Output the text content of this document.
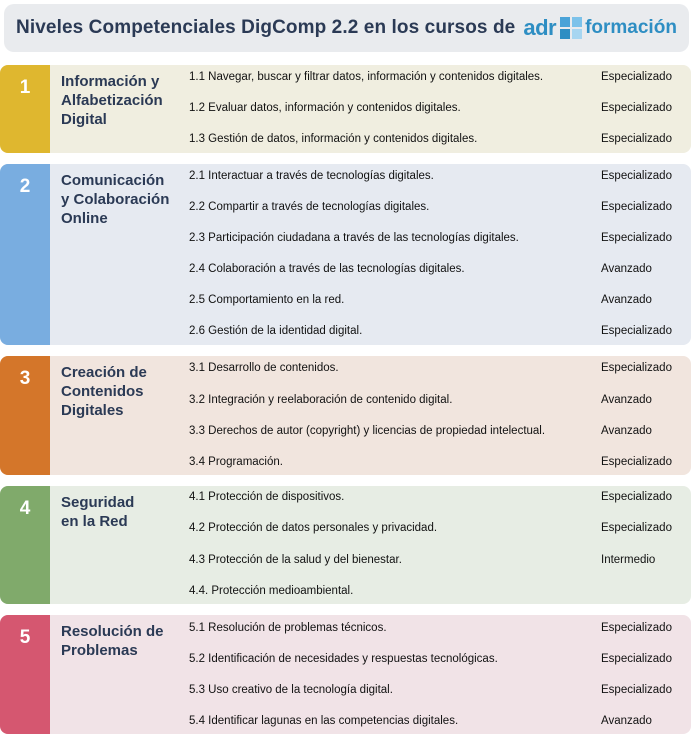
Niveles Competenciales DigComp 2.2 en los cursos de adr formación
1 Información y
Alfabetización
Digital
1.1 Navegar, buscar y filtrar datos, información y contenidos digitales.	Especializado
1.2 Evaluar datos, información y contenidos digitales.	Especializado
1.3 Gestión de datos, información y contenidos digitales.	Especializado
2 Comunicación
y Colaboración
Online
2.1 Interactuar a través de tecnologías digitales.	Especializado
2.2 Compartir a través de tecnologías digitales.	Especializado
2.3 Participación ciudadana a través de las tecnologías digitales.	Especializado
2.4 Colaboración a través de las tecnologías digitales.	Avanzado
2.5 Comportamiento en la red.	Avanzado
2.6 Gestión de la identidad digital.	Especializado
3 Creación de
Contenidos
Digitales
3.1 Desarrollo de contenidos.	Especializado
3.2 Integración y reelaboración de contenido digital.	Avanzado
3.3 Derechos de autor (copyright) y licencias de propiedad intelectual.	Avanzado
3.4 Programación.	Especializado
4 Seguridad
en la Red
4.1 Protección de dispositivos.	Especializado
4.2 Protección de datos personales y privacidad.	Especializado
4.3 Protección de la salud y del bienestar.	Intermedio
4.4. Protección medioambiental.
5 Resolución de
Problemas
5.1 Resolución de problemas técnicos.	Especializado
5.2 Identificación de necesidades y respuestas tecnológicas.	Especializado
5.3 Uso creativo de la tecnología digital.	Especializado
5.4 Identificar lagunas en las competencias digitales.	Avanzado
